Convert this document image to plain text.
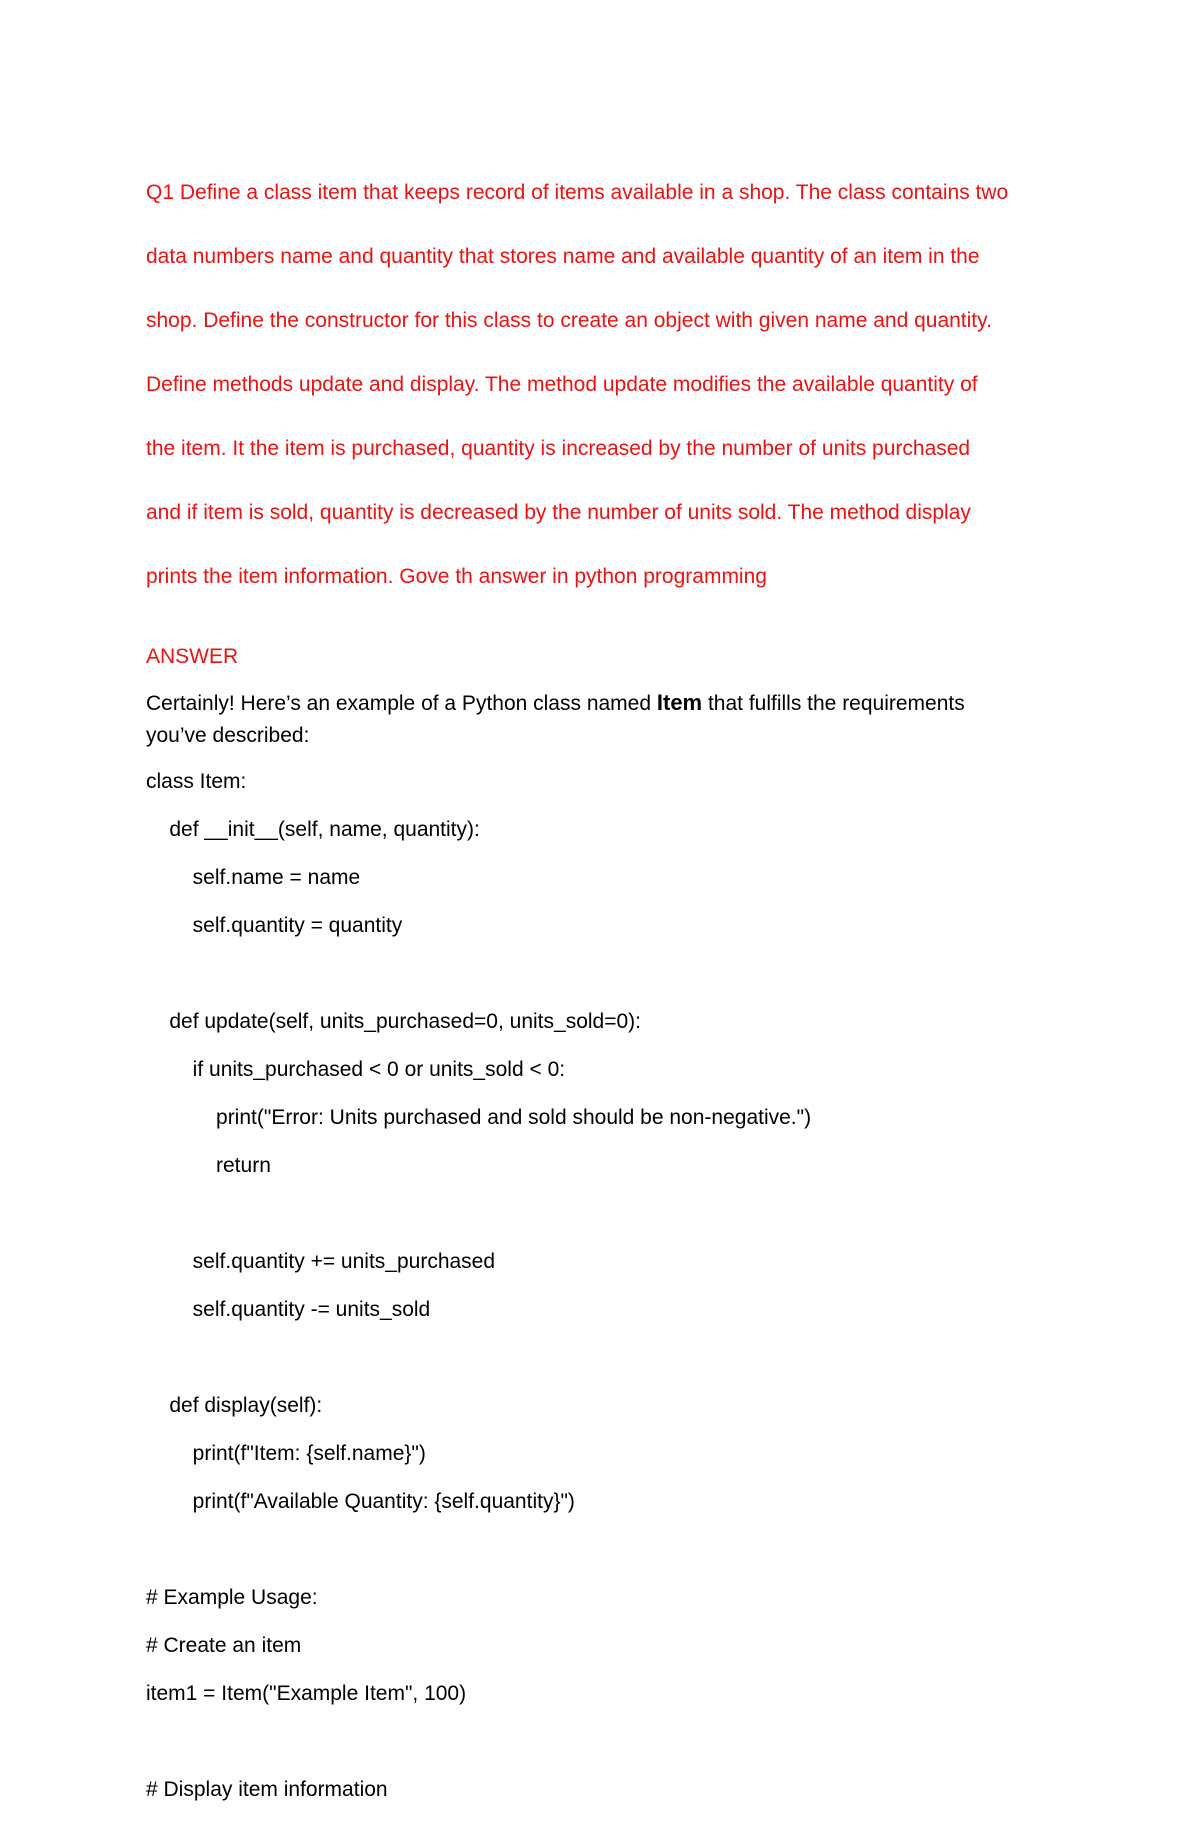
Q1 Define a class item that keeps record of items available in a shop. The class contains two

data numbers name and quantity that stores name and available quantity of an item in the

shop. Define the constructor for this class to create an object with given name and quantity.

Define methods update and display. The method update modifies the available quantity of

the item. It the item is purchased, quantity is increased by the number of units purchased

and if item is sold, quantity is decreased by the number of units sold. The method display

prints the item information. Gove th answer in python programming

ANSWER
Certainly! Here’s an example of a Python class named Item that fulfills the requirements
you’ve described:
class Item:
def __init__(self, name, quantity):
self.name = name
self.quantity = quantity
def update(self, units_purchased=0, units_sold=0):
if units_purchased < 0 or units_sold < 0:
print("Error: Units purchased and sold should be non-negative.")
return
self.quantity += units_purchased
self.quantity -= units_sold
def display(self):
print(f"Item: {self.name}")
print(f"Available Quantity: {self.quantity}")
# Example Usage:
# Create an item
item1 = Item("Example Item", 100)
# Display item information
